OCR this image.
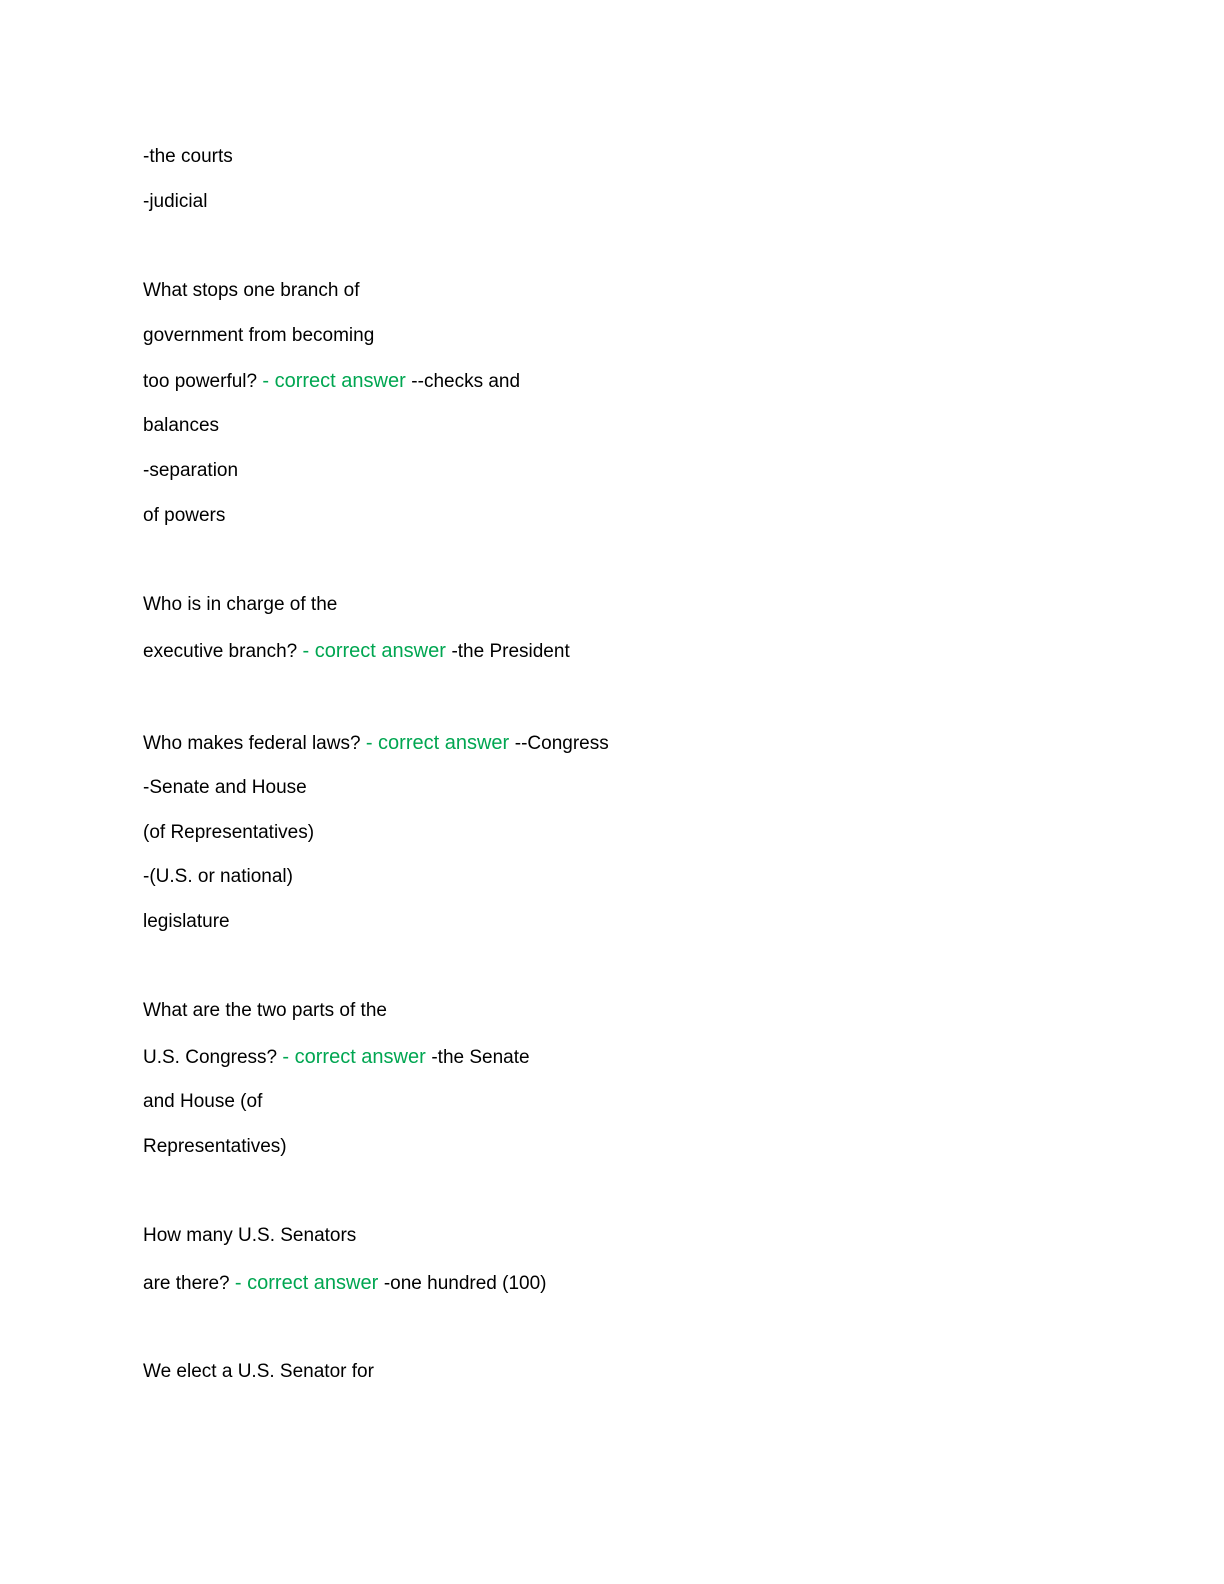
-the courts
-judicial
What stops one branch of
government from becoming
too powerful? - correct answer --checks and
balances
-separation
of powers
Who is in charge of the
executive branch? - correct answer -the President
Who makes federal laws? - correct answer --Congress
-Senate and House
(of Representatives)
-(U.S. or national)
legislature
What are the two parts of the
U.S. Congress? - correct answer -the Senate
and House (of
Representatives)
How many U.S. Senators
are there? - correct answer -one hundred (100)
We elect a U.S. Senator for
